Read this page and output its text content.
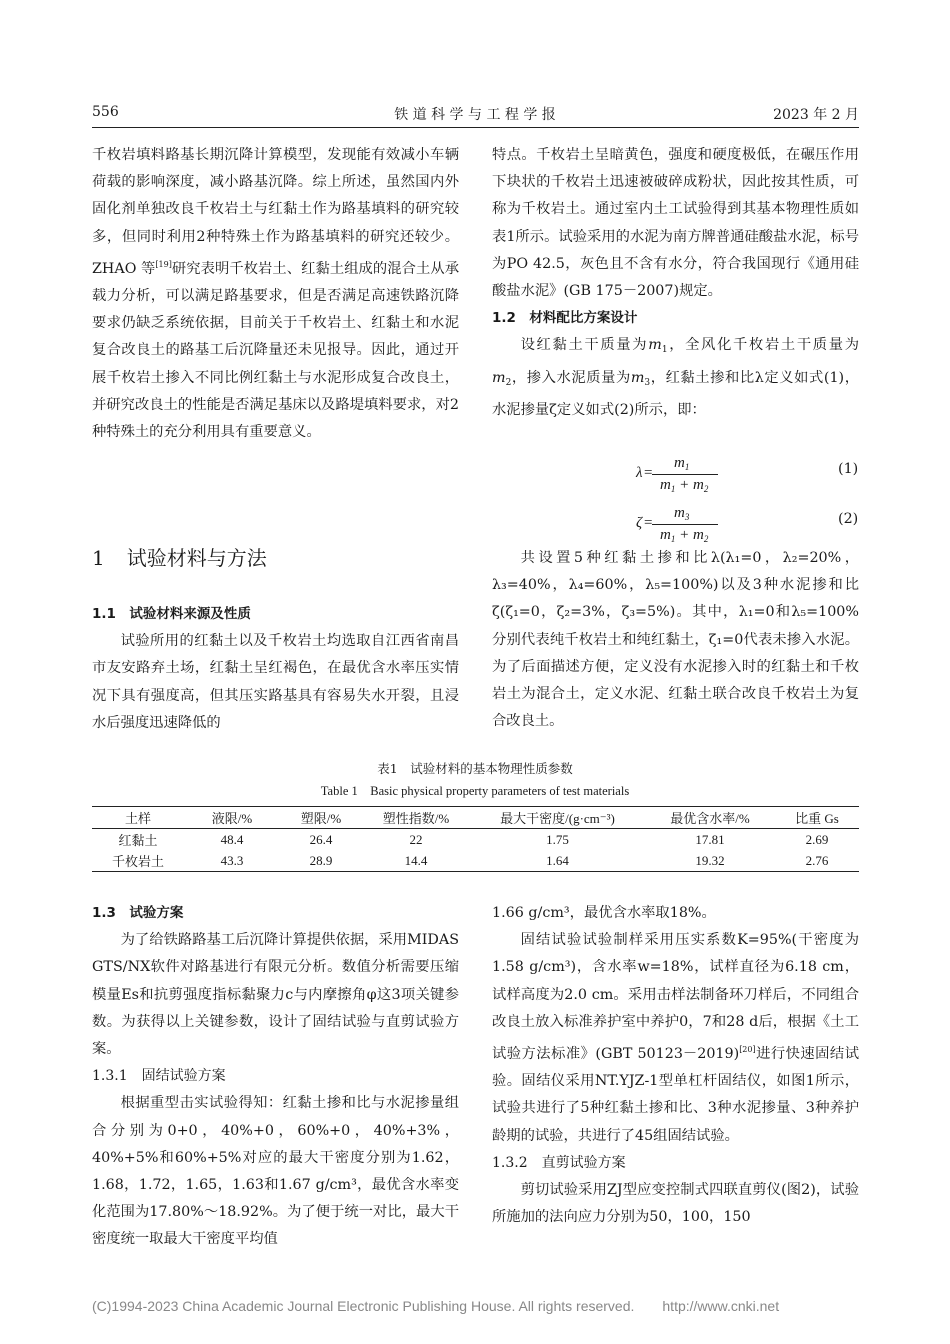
556	铁 道 科 学 与 工 程 学 报	2023 年 2 月

千枚岩填料路基长期沉降计算模型，发现能有效减小车辆荷载的影响深度，减小路基沉降。综上所述，虽然国内外固化剂单独改良千枚岩土与红黏土作为路基填料的研究较多，但同时利用2种特殊土作为路基填料的研究还较少。ZHAO 等[19]研究表明千枚岩土、红黏土组成的混合土从承载力分析，可以满足路基要求，但是否满足高速铁路沉降要求仍缺乏系统依据，目前关于千枚岩土、红黏土和水泥复合改良土的路基工后沉降量还未见报导。因此，通过开展千枚岩土掺入不同比例红黏土与水泥形成复合改良土，并研究改良土的性能是否满足基床以及路堤填料要求，对2种特殊土的充分利用具有重要意义。

1 试验材料与方法
1.1　试验材料来源及性质

试验所用的红黏土以及千枚岩土均选取自江西省南昌市友安路弃土场，红黏土呈红褐色，在最优含水率压实情况下具有强度高，但其压实路基具有容易失水开裂，且浸水后强度迅速降低的

特点。千枚岩土呈暗黄色，强度和硬度极低，在碾压作用下块状的千枚岩土迅速被破碎成粉状，因此按其性质，可称为千枚岩土。通过室内土工试验得到其基本物理性质如表1所示。试验采用的水泥为南方牌普通硅酸盐水泥，标号为PO 42.5，灰色且不含有水分，符合我国现行《通用硅酸盐水泥》(GB 175－2007)规定。

1.2　材料配比方案设计

设红黏土干质量为$m_1$，全风化千枚岩土干质量为$m_2$，掺入水泥质量为$m_3$，红黏土掺和比λ定义如式(1)，水泥掺量ζ定义如式(2)所示，即：

λ =
$m_1$
$m_1 + m_2$
(1)
ζ =
$m_3$
$m_1 + m_2$
(2)

共设置5种红黏土掺和比λ(λ₁=0，λ₂=20%，λ₃=40%，λ₄=60%，λ₅=100%)以及3种水泥掺和比ζ(ζ₁=0，ζ₂=3%，ζ₃=5%)。其中，λ₁=0和λ₅=100%分别代表纯千枚岩土和纯红黏土，ζ₁=0代表未掺入水泥。为了后面描述方便，定义没有水泥掺入时的红黏土和千枚岩土为混合土，定义水泥、红黏土联合改良千枚岩土为复合改良土。

表1　试验材料的基本物理性质参数
Table 1　Basic physical property parameters of test materials
土样	液限/%	塑限/%	塑性指数/%	最大干密度/(g·cm⁻³)	最优含水率/%	比重 Gs
红黏土	48.4	26.4	22	1.75	17.81	2.69
千枚岩土	43.3	28.9	14.4	1.64	19.32	2.76
1.3　试验方案

为了给铁路路基工后沉降计算提供依据，采用MIDAS GTS/NX软件对路基进行有限元分析。数值分析需要压缩模量Es和抗剪强度指标黏聚力c与内摩擦角φ这3项关键参数。为获得以上关键参数，设计了固结试验与直剪试验方案。

1.3.1　固结试验方案

根据重型击实试验得知：红黏土掺和比与水泥掺量组合分别为0+0，40%+0，60%+0，40%+3%，40%+5%和60%+5%对应的最大干密度分别为1.62，1.68，1.72，1.65，1.63和1.67 g/cm³，最优含水率变化范围为17.80%～18.92%。为了便于统一对比，最大干密度统一取最大干密度平均值

1.66 g/cm³，最优含水率取18%。

固结试验试验制样采用压实系数K=95%(干密度为1.58 g/cm³)，含水率w=18%，试样直径为6.18 cm，试样高度为2.0 cm。采用击样法制备环刀样后，不同组合改良土放入标准养护室中养护0，7和28 d后，根据《土工试验方法标准》(GBT 50123－2019)[20]进行快速固结试验。固结仪采用NT.YJZ-1型单杠杆固结仪，如图1所示，试验共进行了5种红黏土掺和比、3种水泥掺量、3种养护龄期的试验，共进行了45组固结试验。

1.3.2　直剪试验方案

剪切试验采用ZJ型应变控制式四联直剪仪(图2)，试验所施加的法向应力分别为50，100，150

(C)1994-2023 China Academic Journal Electronic Publishing House. All rights reserved.　　http://www.cnki.net
